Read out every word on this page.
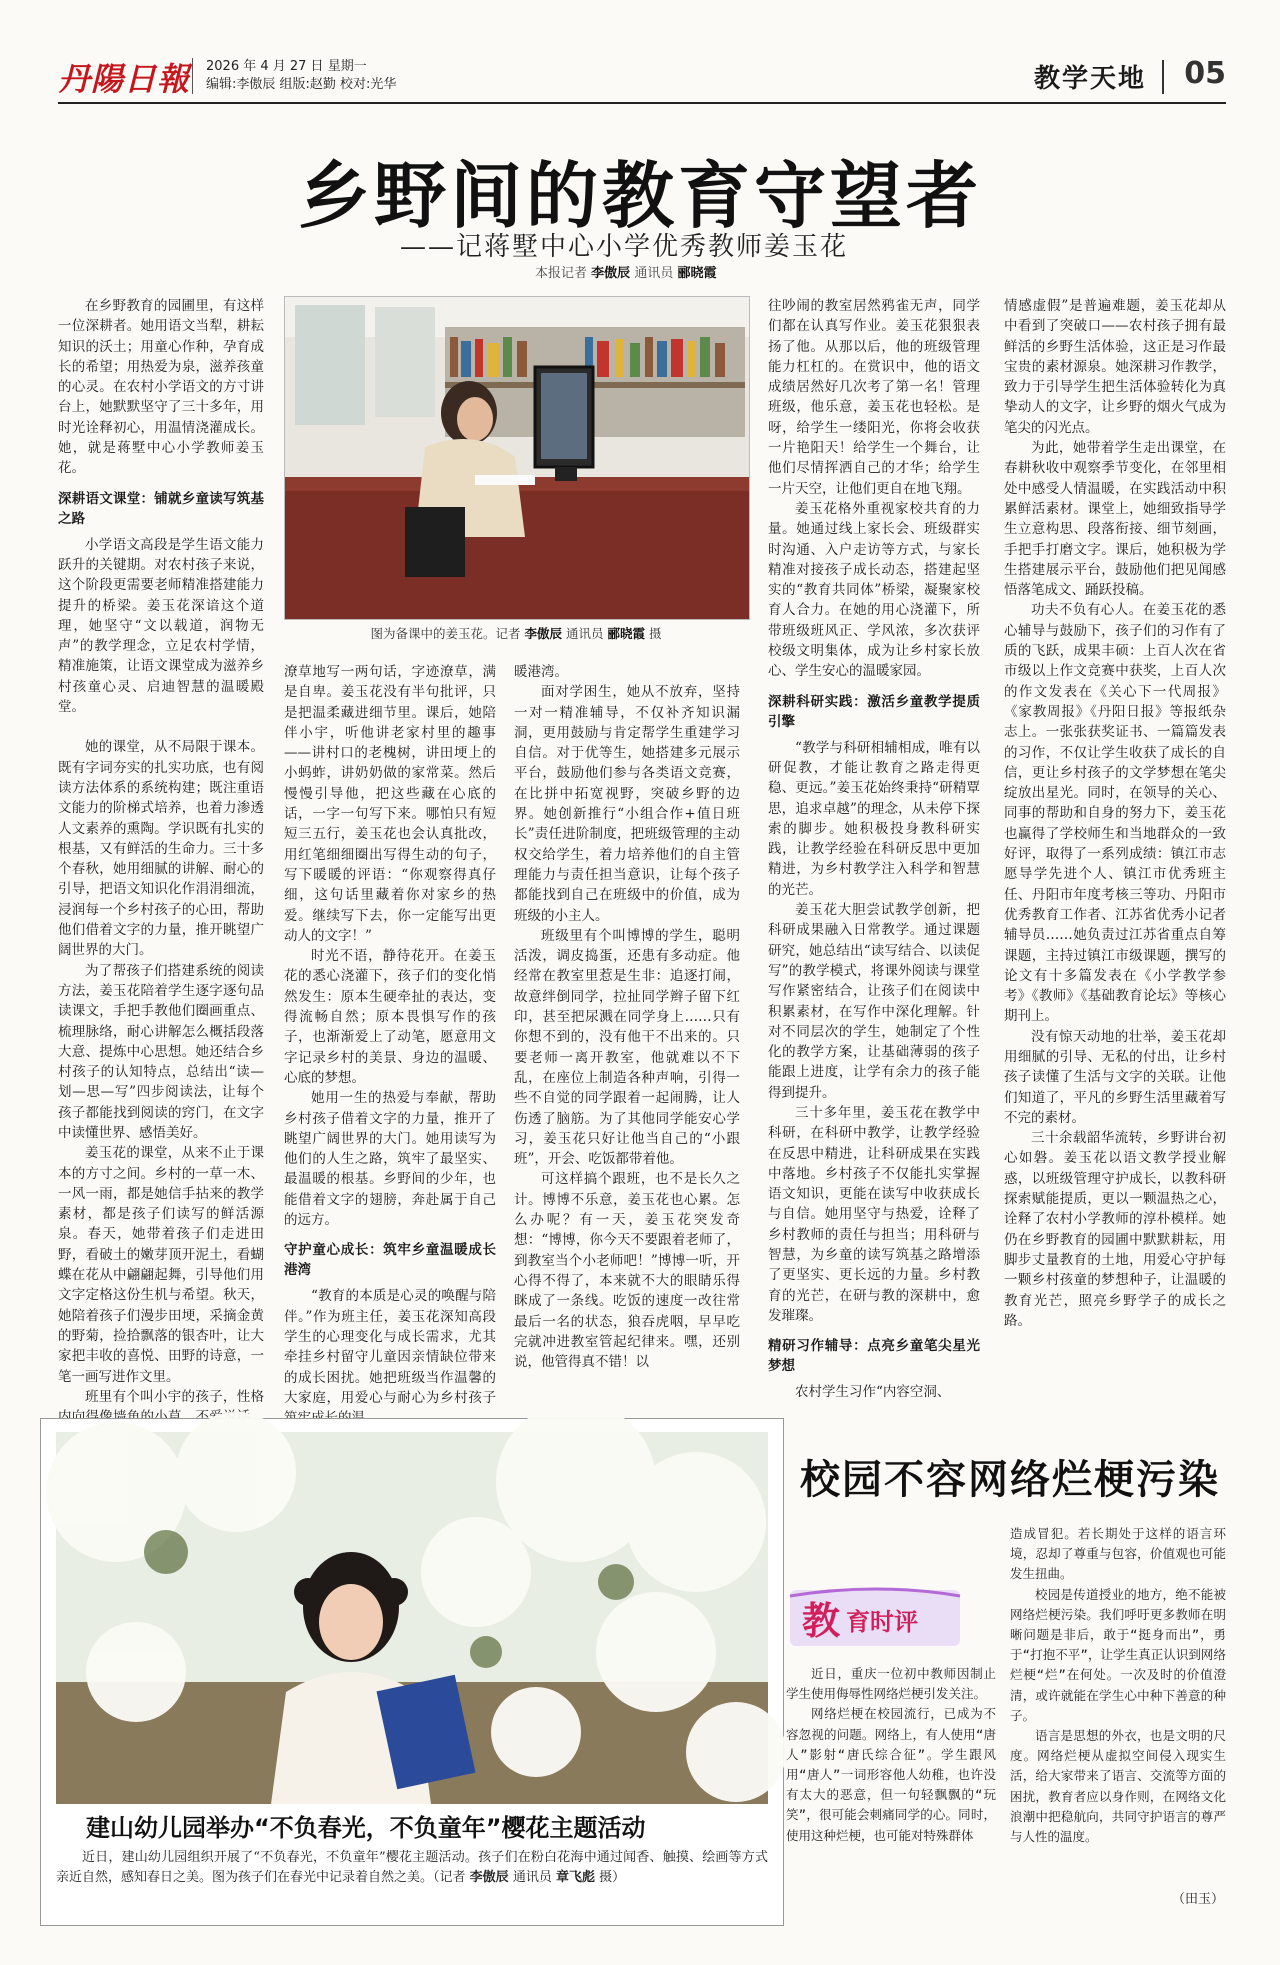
丹陽日報 2026 年 4 月 27 日 星期一
编辑:李傲辰 组版:赵勤 校对:光华	教学天地 05
乡野间的教育守望者
——记蒋墅中心小学优秀教师姜玉花
本报记者 李傲辰 通讯员 郦晓霞
图为备课中的姜玉花。记者 李傲辰 通讯员 郦晓霞 摄

在乡野教育的园圃里，有这样一位深耕者。她用语文当犁，耕耘知识的沃土；用童心作种，孕育成长的希望；用热爱为泉，滋养孩童的心灵。在农村小学语文的方寸讲台上，她默默坚守了三十多年，用时光诠释初心，用温情浇灌成长。她，就是蒋墅中心小学教师姜玉花。

深耕语文课堂：铺就乡童读写筑基之路

小学语文高段是学生语文能力跃升的关键期。对农村孩子来说，这个阶段更需要老师精准搭建能力提升的桥梁。姜玉花深谙这个道理，她坚守“文以载道，润物无声”的教学理念，立足农村学情，精准施策，让语文课堂成为滋养乡村孩童心灵、启迪智慧的温暖殿堂。

她的课堂，从不局限于课本。既有字词夯实的扎实功底，也有阅读方法体系的系统构建；既注重语文能力的阶梯式培养，也着力渗透人文素养的熏陶。学识既有扎实的根基，又有鲜活的生命力。三十多个春秋，她用细腻的讲解、耐心的引导，把语文知识化作涓涓细流，浸润每一个乡村孩子的心田，帮助他们借着文字的力量，推开眺望广阔世界的大门。

为了帮孩子们搭建系统的阅读方法，姜玉花陪着学生逐字逐句品读课文，手把手教他们圈画重点、梳理脉络，耐心讲解怎么概括段落大意、提炼中心思想。她还结合乡村孩子的认知特点，总结出“读—划—思—写”四步阅读法，让每个孩子都能找到阅读的窍门，在文字中读懂世界、感悟美好。

姜玉花的课堂，从来不止于课本的方寸之间。乡村的一草一木、一风一雨，都是她信手拈来的教学素材，都是孩子们读写的鲜活源泉。春天，她带着孩子们走进田野，看破土的嫩芽顶开泥土，看蝴蝶在花从中翩翩起舞，引导他们用文字定格这份生机与希望。秋天，她陪着孩子们漫步田埂，采摘金黄的野菊，捡拾飘落的银杏叶，让大家把丰收的喜悦、田野的诗意，一笔一画写进作文里。

班里有个叫小宇的孩子，性格

潦草地写一两句话，字迹潦草，满是自卑。姜玉花没有半句批评，只是把温柔藏进细节里。课后，她陪伴小宇，听他讲老家村里的趣事——讲村口的老槐树，讲田埂上的小蚂蚱，讲奶奶做的家常菜。然后慢慢引导他，把这些藏在心底的话，一字一句写下来。哪怕只有短短三五行，姜玉花也会认真批改，用红笔细细圈出写得生动的句子，写下暖暖的评语：“你观察得真仔细，这句话里藏着你对家乡的热爱。继续写下去，你一定能写出更动人的文字！”

时光不语，静待花开。在姜玉花的悉心浇灌下，孩子们的变化悄然发生：原本生硬牵扯的表达，变得流畅自然；原本畏惧写作的孩子，也渐渐爱上了动笔，愿意用文字记录乡村的美景、身边的温暖、心底的梦想。

她用一生的热爱与奉献，帮助乡村孩子借着文字的力量，推开了眺望广阔世界的大门。她用读写为他们的人生之路，筑牢了最坚实、最温暖的根基。乡野间的少年，也能借着文字的翅膀，奔赴属于自己的远方。

守护童心成长：筑牢乡童温暖成长港湾

“教育的本质是心灵的唤醒与陪伴。”作为班主任，姜玉花深知高段学生的心理变化与成长需求，尤其牵挂乡村留守儿童因亲情缺位带来的成长困扰。她把班级当作温馨的大家庭，用爱心与耐心为乡村孩子

暖港湾。

面对学困生，她从不放弃，坚持一对一精准辅导，不仅补齐知识漏洞，更用鼓励与肯定帮学生重建学习自信。对于优等生，她搭建多元展示平台，鼓励他们参与各类语文竞赛，在比拼中拓宽视野，突破乡野的边界。她创新推行“小组合作+值日班长”责任进阶制度，把班级管理的主动权交给学生，着力培养他们的自主管理能力与责任担当意识，让每个孩子都能找到自己在班级中的价值，成为班级的小主人。

班级里有个叫博博的学生，聪明活泼，调皮捣蛋，还患有多动症。他经常在教室里惹是生非：追逐打闹，故意绊倒同学，拉扯同学辫子留下红印，甚至把尿溅在同学身上……只有你想不到的，没有他干不出来的。只要老师一离开教室，他就难以不下乱，在座位上制造各种声响，引得一些不自觉的同学跟着一起闹腾，让人伤透了脑筋。为了其他同学能安心学习，姜玉花只好让他当自己的“小跟班”，开会、吃饭都带着他。

可这样搞个跟班，也不是长久之计。博博不乐意，姜玉花也心累。怎么办呢？有一天，姜玉花突发奇想：“博博，你今天不要跟着老师了，到教室当个小老师吧！”博博一听，开心得不得了，本来就不大的眼睛乐得眯成了一条线。吃饭的速度一改往常最后一名的状态，狼吞虎咽，早早吃完就冲进教室管起纪律来。嘿，还别说，他管得真不错！以

往吵闹的教室居然鸦雀无声，同学们都在认真写作业。姜玉花狠狠表扬了他。从那以后，他的班级管理能力杠杠的。在赏识中，他的语文成绩居然好几次考了第一名！管理班级，他乐意，姜玉花也轻松。是呀，给学生一缕阳光，你将会收获一片艳阳天！给学生一个舞台，让他们尽情挥洒自己的才华；给学生一片天空，让他们更自在地飞翔。

姜玉花格外重视家校共育的力量。她通过线上家长会、班级群实时沟通、入户走访等方式，与家长精准对接孩子成长动态，搭建起坚实的“教育共同体”桥梁，凝聚家校育人合力。在她的用心浇灌下，所带班级班风正、学风浓，多次获评校级文明集体，成为让乡村家长放心、学生安心的温暖家园。

深耕科研实践：激活乡童教学提质引擎

“教学与科研相辅相成，唯有以研促教，才能让教育之路走得更稳、更远。”姜玉花始终秉持“研精覃思，追求卓越”的理念，从未停下探索的脚步。她积极投身教科研实践，让教学经验在科研反思中更加精进，为乡村教学注入科学和智慧的光芒。

姜玉花大胆尝试教学创新，把科研成果融入日常教学。通过课题研究，她总结出“读写结合、以读促写”的教学模式，将课外阅读与课堂写作紧密结合，让孩子们在阅读中积累素材，在写作中深化理解。针对不同层次的学生，她制定了个性化的教学方案，让基础薄弱的孩子能跟上进度，让学有余力的孩子能得到提升。

三十多年里，姜玉花在教学中科研，在科研中教学，让教学经验在反思中精进，让科研成果在实践中落地。乡村孩子不仅能扎实掌握语文知识，更能在读写中收获成长与自信。她用坚守与热爱，诠释了乡村教师的责任与担当；用科研与智慧，为乡童的读写筑基之路增添了更坚实、更长远的力量。乡村教育的光芒，在研与教的深耕中，愈发璀璨。

精研习作辅导：点亮乡童笔尖星光梦想

农村学生习作“内容空洞、

情感虚假”是普遍难题，姜玉花却从中看到了突破口——农村孩子拥有最鲜活的乡野生活体验，这正是习作最宝贵的素材源泉。她深耕习作教学，致力于引导学生把生活体验转化为真挚动人的文字，让乡野的烟火气成为笔尖的闪光点。

为此，她带着学生走出课堂，在春耕秋收中观察季节变化，在邻里相处中感受人情温暖，在实践活动中积累鲜活素材。课堂上，她细致指导学生立意构思、段落衔接、细节刻画，手把手打磨文字。课后，她积极为学生搭建展示平台，鼓励他们把见闻感悟落笔成文、踊跃投稿。

功夫不负有心人。在姜玉花的悉心辅导与鼓励下，孩子们的习作有了质的飞跃，成果丰硕：上百人次在省市级以上作文竞赛中获奖，上百人次的作文发表在《关心下一代周报》《家教周报》《丹阳日报》等报纸杂志上。一张张获奖证书、一篇篇发表的习作，不仅让学生收获了成长的自信，更让乡村孩子的文学梦想在笔尖绽放出星光。同时，在领导的关心、同事的帮助和自身的努力下，姜玉花也赢得了学校师生和当地群众的一致好评，取得了一系列成绩：镇江市志愿导学先进个人、镇江市优秀班主任、丹阳市年度考核三等功、丹阳市优秀教育工作者、江苏省优秀小记者辅导员……她负责过江苏省重点自筹课题，主持过镇江市级课题，撰写的论文有十多篇发表在《小学教学参考》《教师》《基础教育论坛》等核心期刊上。

没有惊天动地的壮举，姜玉花却用细腻的引导、无私的付出，让乡村孩子读懂了生活与文字的关联。让他们知道了，平凡的乡野生活里藏着写不完的素材。

三十余载韶华流转，乡野讲台初心如磐。姜玉花以语文教学授业解惑，以班级管理守护成长，以教科研探索赋能提质，更以一颗温热之心，诠释了农村小学教师的淳朴模样。她仍在乡野教育的园圃中默默耕耘，用脚步丈量教育的土地，用爱心守护每一颗乡村孩童的梦想种子，让温暖的教育光芒，照亮乡野学子的成长之路。

建山幼儿园举办“不负春光，不负童年”樱花主题活动
近日，建山幼儿园组织开展了“不负春光，不负童年”樱花主题活动。孩子们在粉白花海中通过闻香、触摸、绘画等方式亲近自然，感知春日之美。图为孩子们在春光中记录着自然之美。（记者 李傲辰 通讯员 章飞彪 摄）
校园不容网络烂梗污染
教 育时评

近日，重庆一位初中教师因制止学生使用侮辱性网络烂梗引发关注。

网络烂梗在校园流行，已成为不容忽视的问题。网络上，有人使用“唐人”影射“唐氏综合征”。学生跟风用“唐人”一词形容他人幼稚，也许没有太大的恶意，但一句轻飘飘的“玩笑”，很可能会刺痛同学的心。同时，使用这种烂梗，也可能对特殊群体

造成冒犯。若长期处于这样的语言环境，忍却了尊重与包容，价值观也可能发生扭曲。

校园是传道授业的地方，绝不能被网络烂梗污染。我们呼吁更多教师在明晰问题是非后，敢于“挺身而出”，勇于“打抱不平”，让学生真正认识到网络烂梗“烂”在何处。一次及时的价值澄清，或许就能在学生心中种下善意的种子。

语言是思想的外衣，也是文明的尺度。网络烂梗从虚拟空间侵入现实生活，给大家带来了语言、交流等方面的困扰，教育者应以身作则，在网络文化浪潮中把稳航向，共同守护语言的尊严与人性的温度。

（田玉）
